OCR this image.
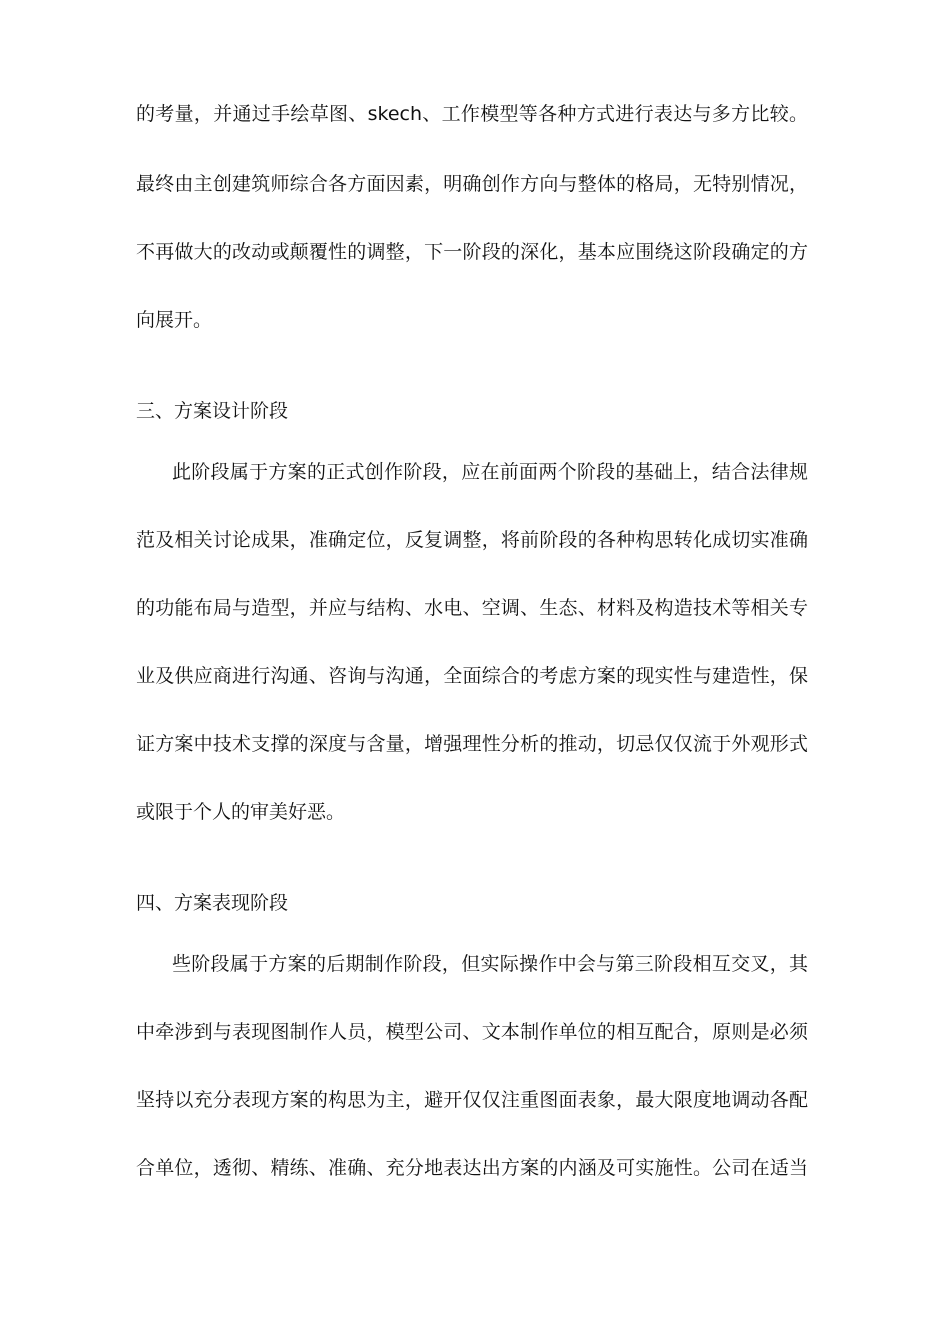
的考量，并通过手绘草图、skech、工作模型等各种方式进行表达与多方比较。
最终由主创建筑师综合各方面因素，明确创作方向与整体的格局，无特别情况，
不再做大的改动或颠覆性的调整，下一阶段的深化，基本应围绕这阶段确定的方
向展开。
三、方案设计阶段
此阶段属于方案的正式创作阶段，应在前面两个阶段的基础上，结合法律规
范及相关讨论成果，准确定位，反复调整，将前阶段的各种构思转化成切实准确
的功能布局与造型，并应与结构、水电、空调、生态、材料及构造技术等相关专
业及供应商进行沟通、咨询与沟通，全面综合的考虑方案的现实性与建造性，保
证方案中技术支撑的深度与含量，增强理性分析的推动，切忌仅仅流于外观形式
或限于个人的审美好恶。
四、方案表现阶段
些阶段属于方案的后期制作阶段，但实际操作中会与第三阶段相互交叉，其
中牵涉到与表现图制作人员，模型公司、文本制作单位的相互配合，原则是必须
坚持以充分表现方案的构思为主，避开仅仅注重图面表象，最大限度地调动各配
合单位，透彻、精练、准确、充分地表达出方案的内涵及可实施性。公司在适当
